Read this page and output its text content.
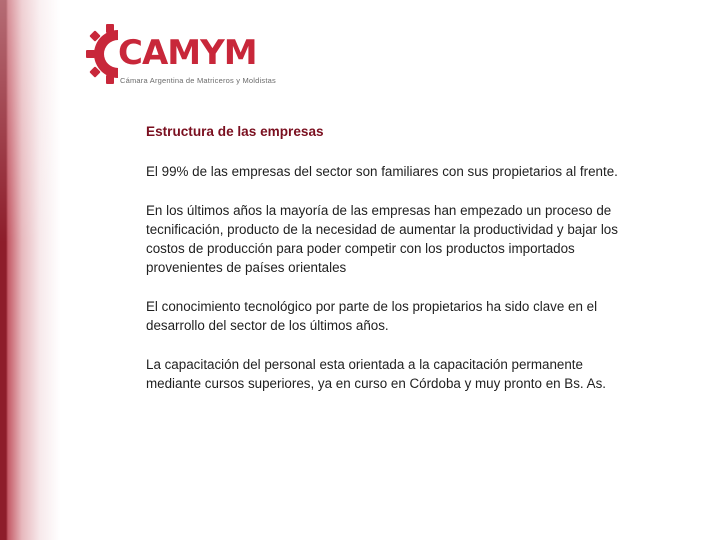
CAMYM
Cámara Argentina de Matriceros y Moldistas

Estructura de las empresas

El 99% de las empresas del sector son familiares con sus propietarios al frente.

En los últimos años la mayoría de las empresas han empezado un proceso de tecnificación, producto de la necesidad de aumentar la productividad y bajar los costos de producción para poder competir con los productos importados provenientes de países orientales

El conocimiento tecnológico por parte de los propietarios ha sido clave en el desarrollo del sector de los últimos años.

La capacitación del personal esta orientada a la capacitación permanente mediante cursos superiores, ya en curso en Córdoba y muy pronto en Bs. As.
